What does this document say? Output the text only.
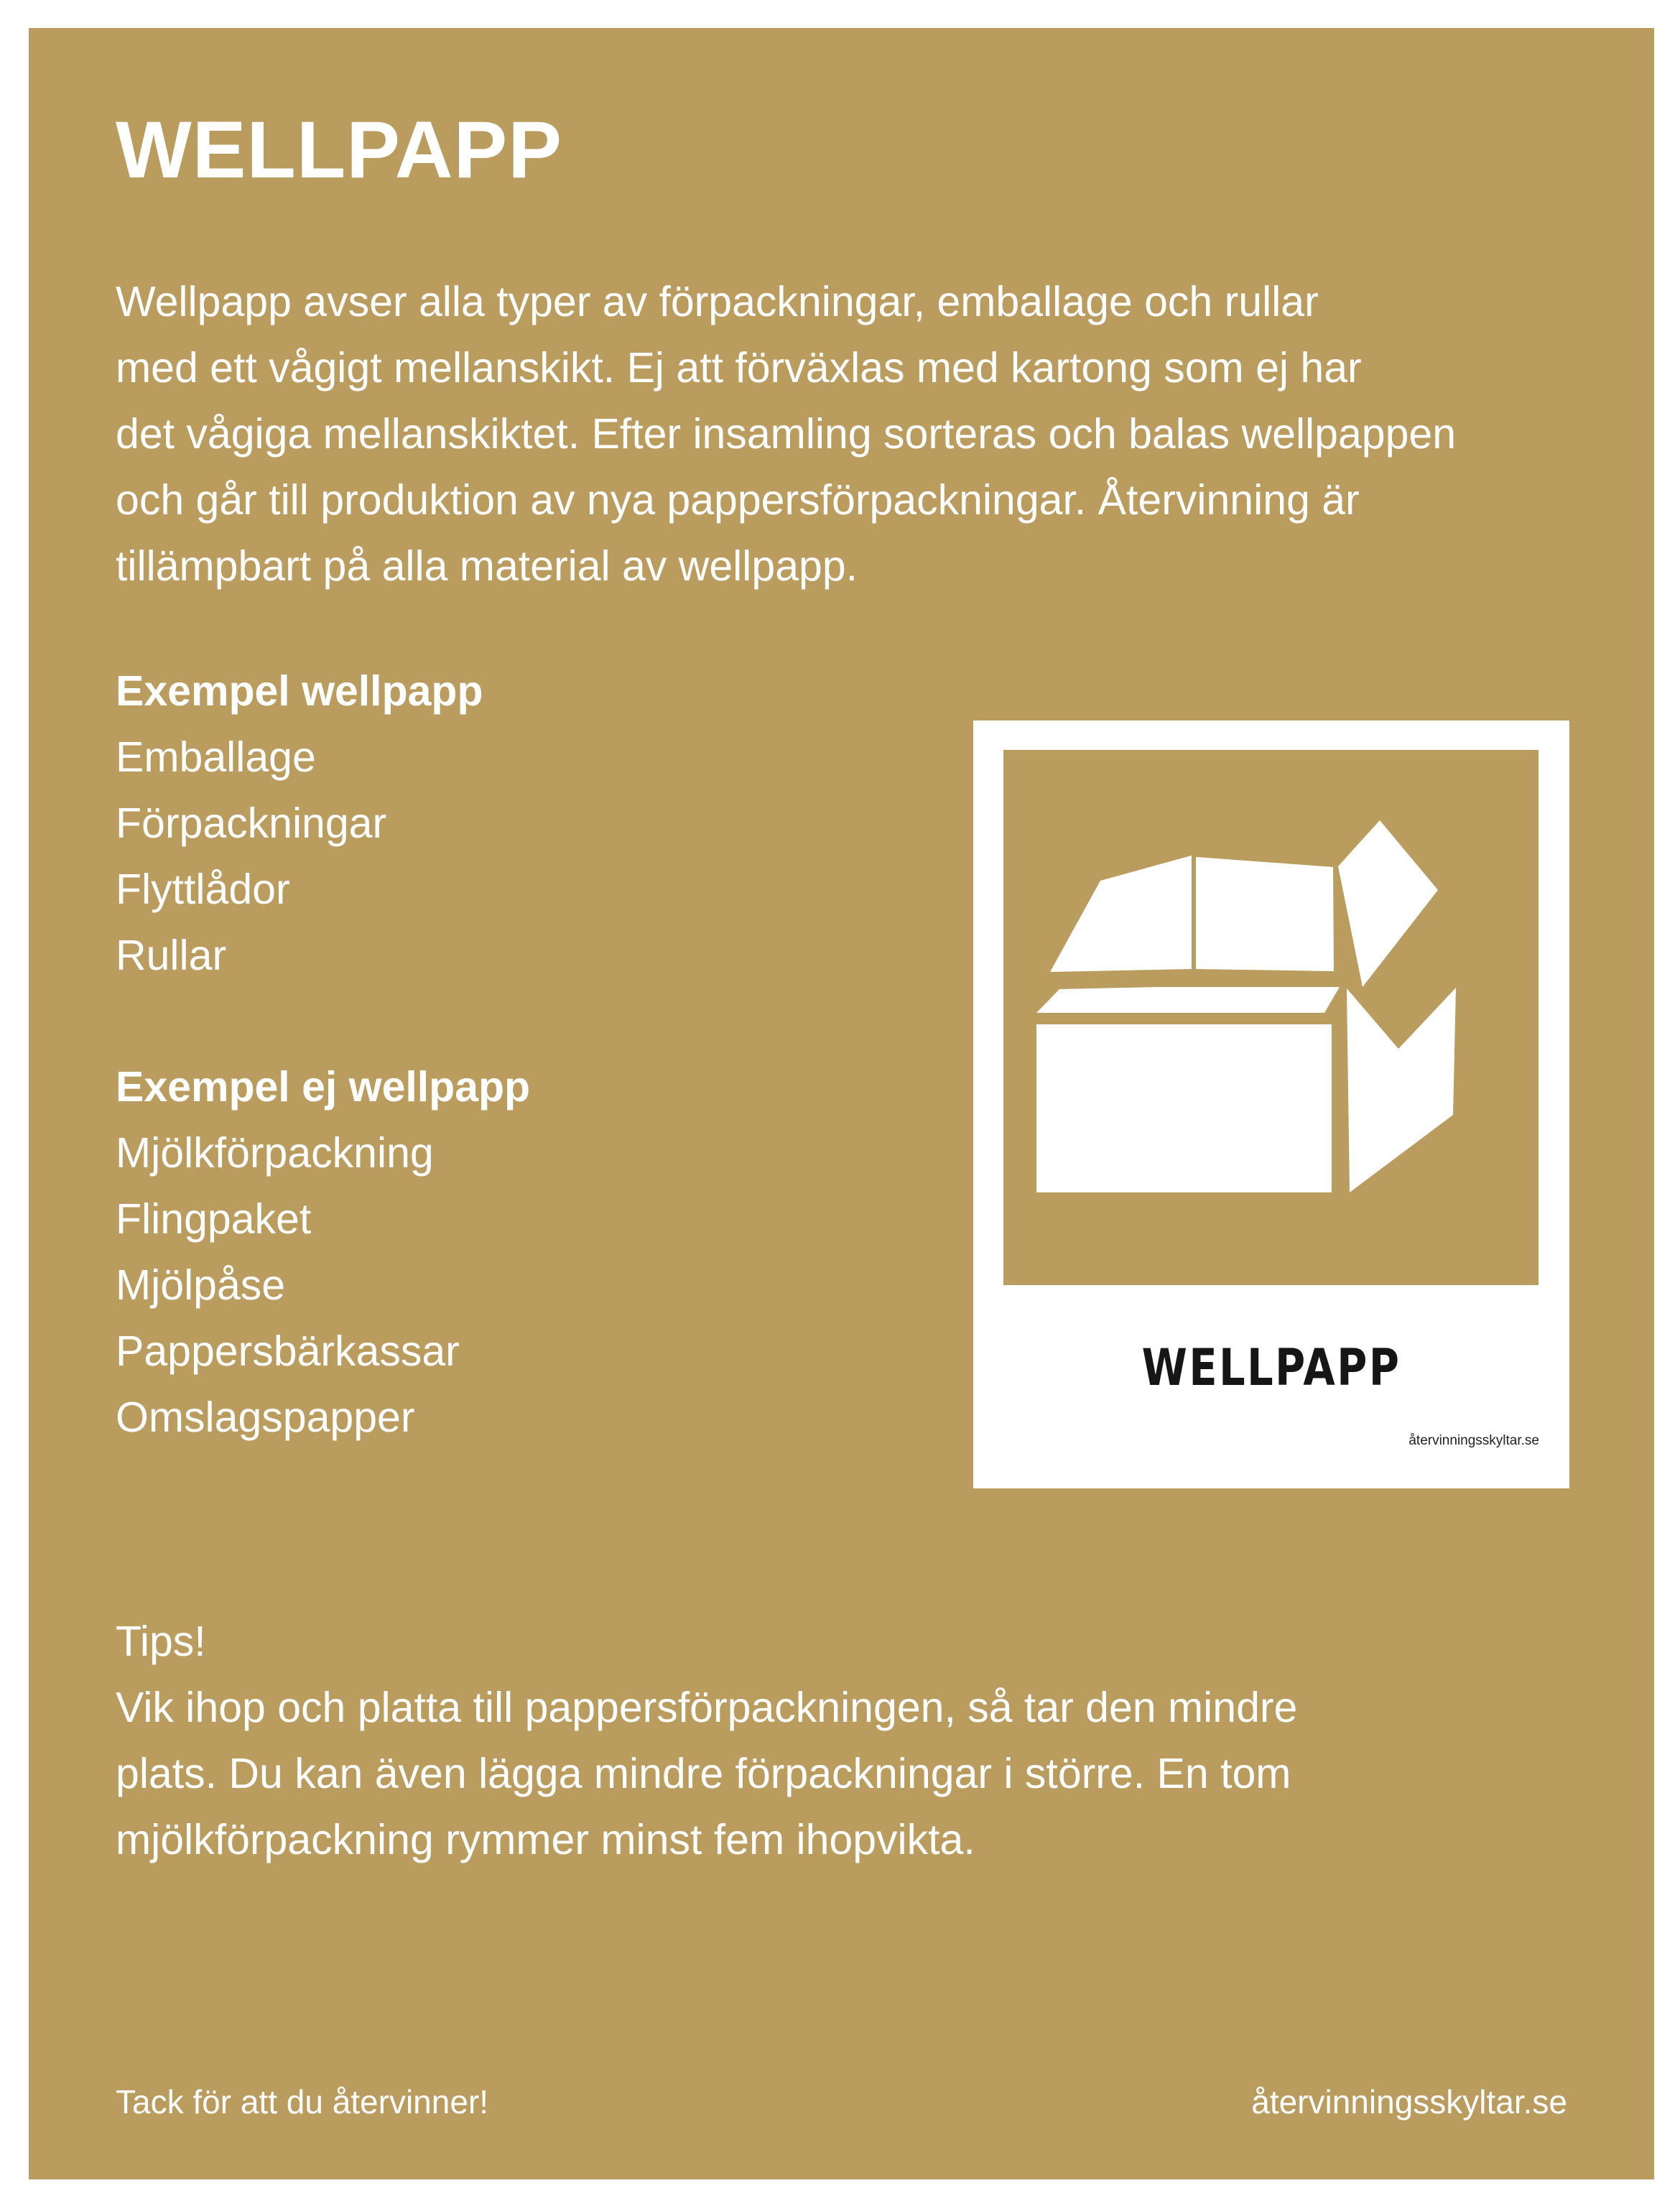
WELLPAPP

Wellpapp avser alla typer av förpackningar, emballage och rullar
med ett vågigt mellanskikt. Ej att förväxlas med kartong som ej har
det vågiga mellanskiktet. Efter insamling sorteras och balas wellpappen
och går till produktion av nya pappersförpackningar. Återvinning är
tillämpbart på alla material av wellpapp.

Exempel wellpapp
Emballage
Förpackningar
Flyttlådor
Rullar
Exempel ej wellpapp
Mjölkförpackning
Flingpaket
Mjölpåse
Pappersbärkassar
Omslagspapper
WELLPAPP
återvinningsskyltar.se
Tips!
Vik ihop och platta till pappersförpackningen, så tar den mindre
plats. Du kan även lägga mindre förpackningar i större. En tom
mjölkförpackning rymmer minst fem ihopvikta.
Tack för att du återvinner!	återvinningsskyltar.se
